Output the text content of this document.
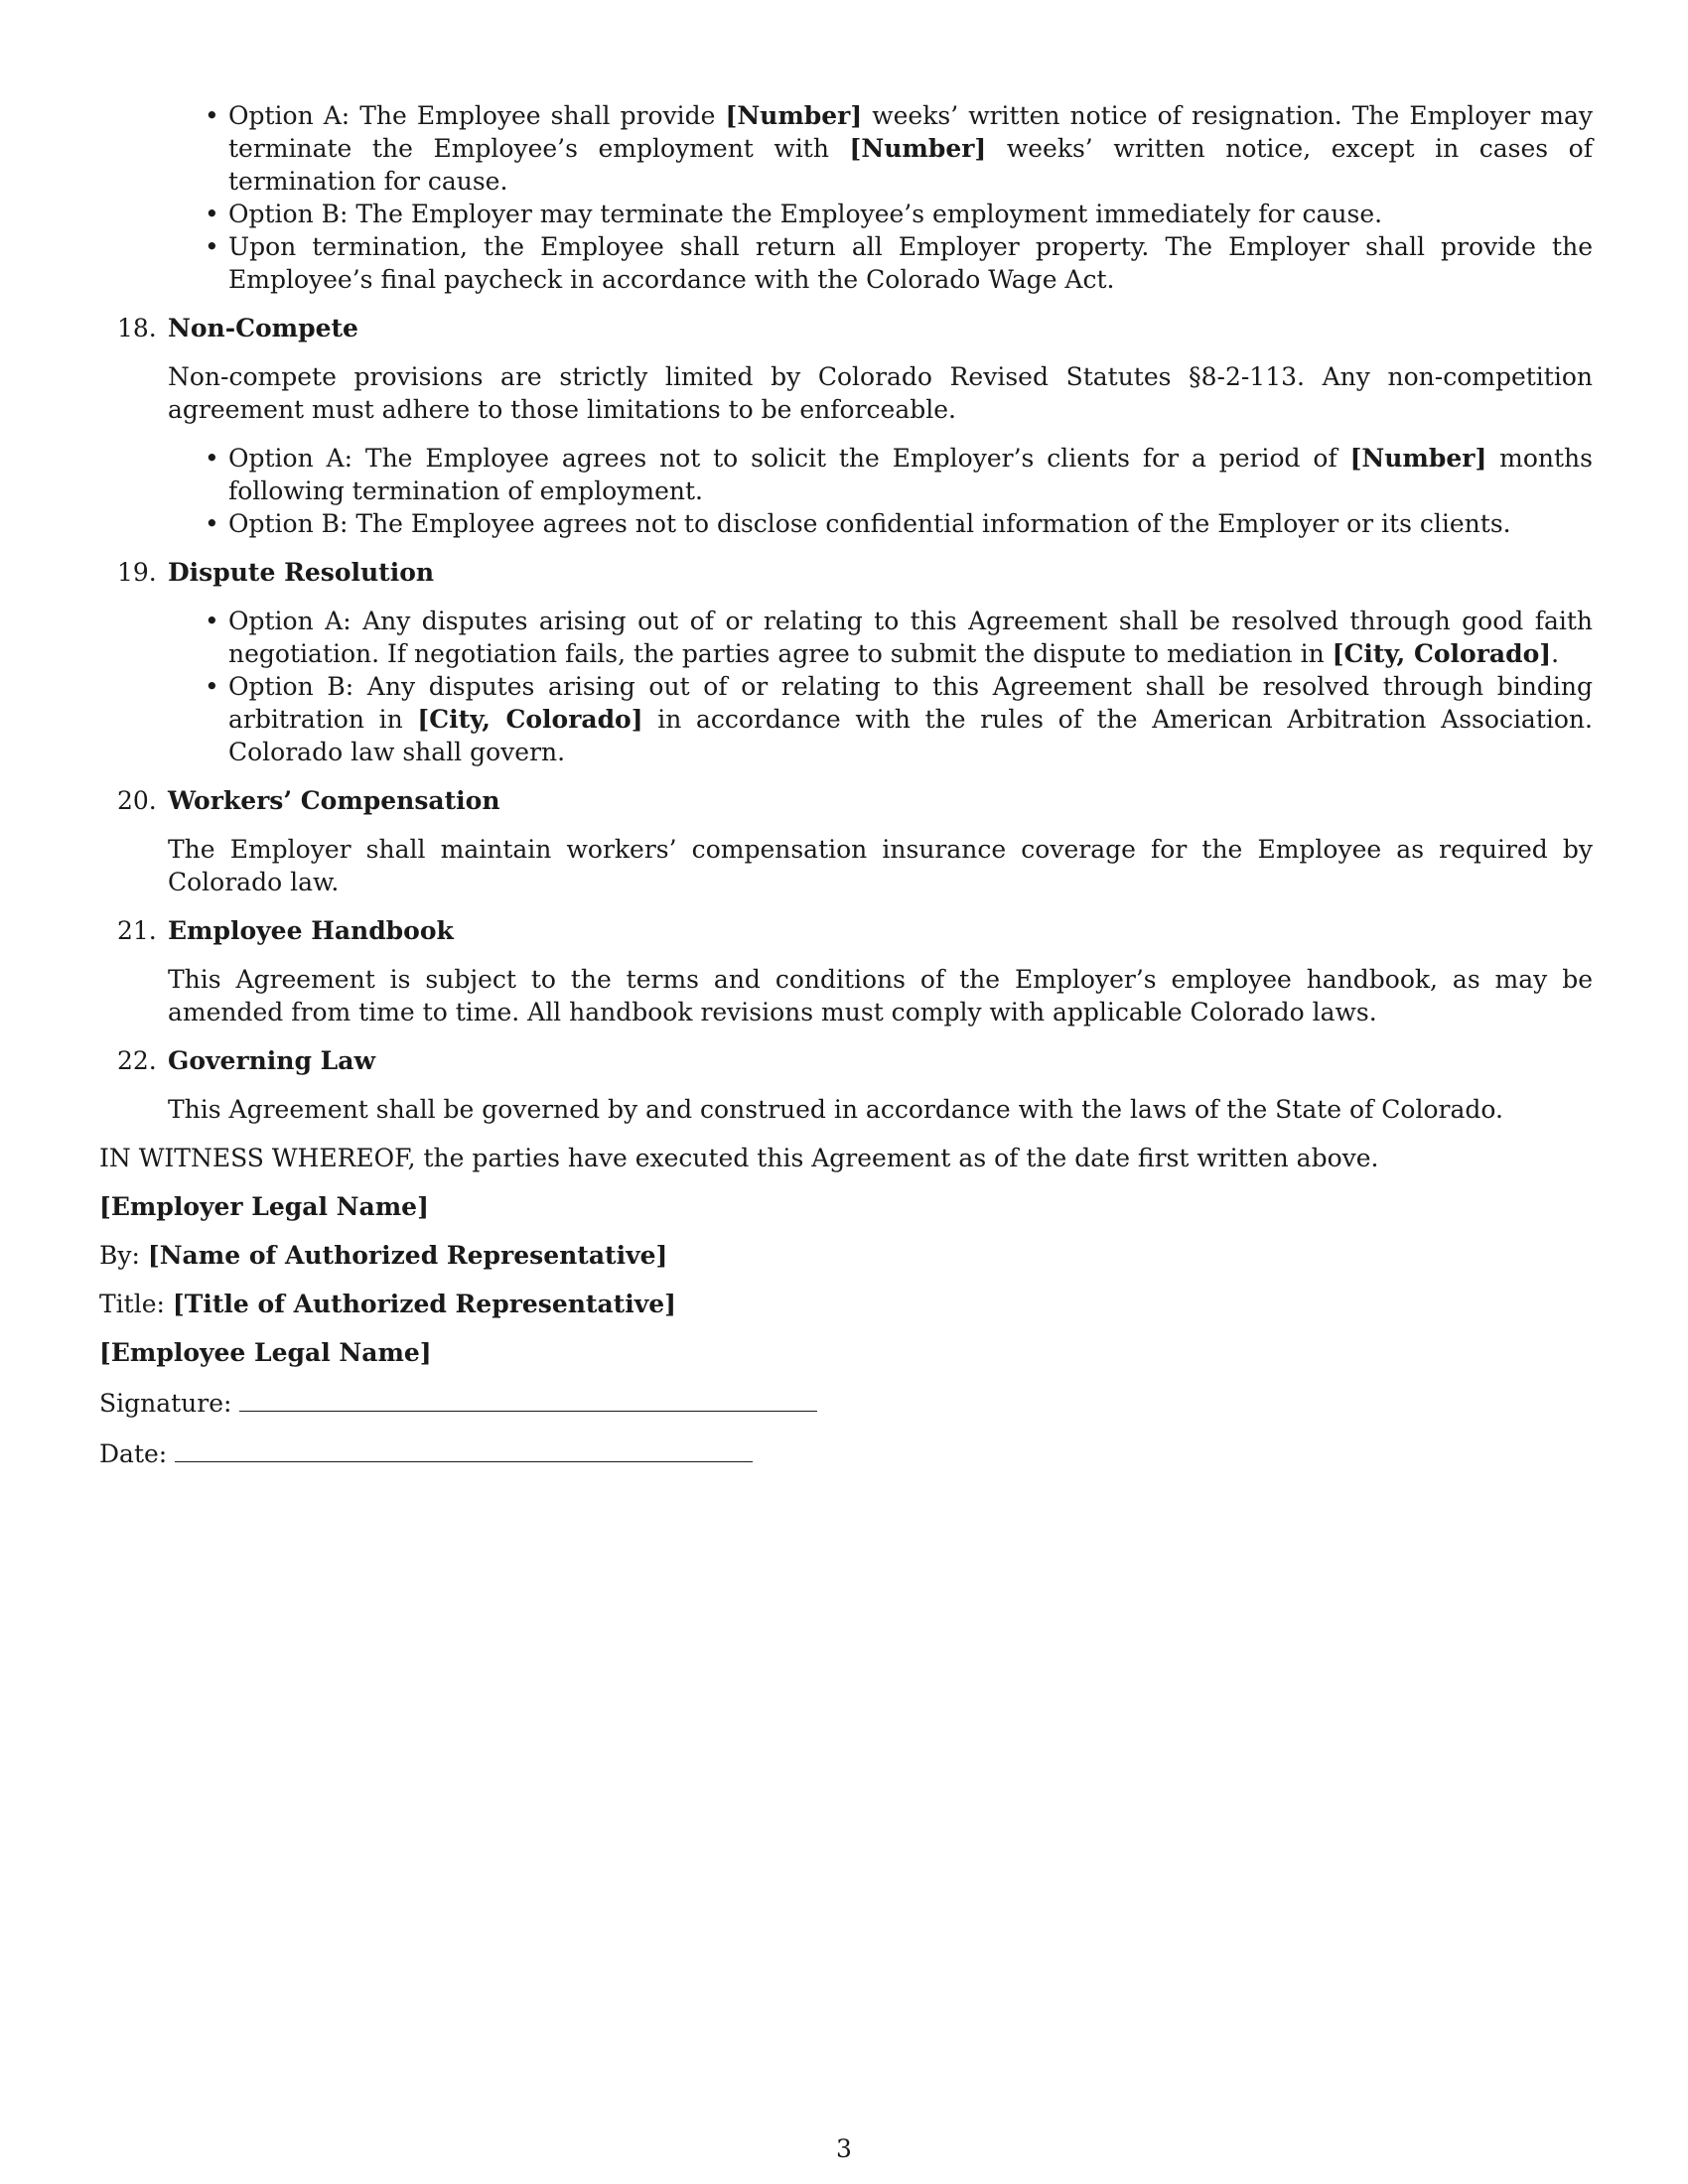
• Option A: The Employee shall provide [Number] weeks’ written notice of resignation. The Employer may terminate the Employee’s employment with [Number] weeks’ written notice, except in cases of termination for cause.
• Option B: The Employer may terminate the Employee’s employment immediately for cause.
• Upon termination, the Employee shall return all Employer property. The Employer shall provide the Employee’s final paycheck in accordance with the Colorado Wage Act.
18. Non-Compete
Non-compete provisions are strictly limited by Colorado Revised Statutes §8-2-113. Any non-competition agreement must adhere to those limitations to be enforceable.
• Option A: The Employee agrees not to solicit the Employer’s clients for a period of [Number] months following termination of employment.
• Option B: The Employee agrees not to disclose confidential information of the Employer or its clients.
19. Dispute Resolution
• Option A: Any disputes arising out of or relating to this Agreement shall be resolved through good faith negotiation. If negotiation fails, the parties agree to submit the dispute to mediation in [City, Colorado].
• Option B: Any disputes arising out of or relating to this Agreement shall be resolved through binding arbitration in [City, Colorado] in accordance with the rules of the American Arbitration Association. Colorado law shall govern.
20. Workers’ Compensation
The Employer shall maintain workers’ compensation insurance coverage for the Employee as required by Colorado law.
21. Employee Handbook
This Agreement is subject to the terms and conditions of the Employer’s employee handbook, as may be amended from time to time. All handbook revisions must comply with applicable Colorado laws.
22. Governing Law
This Agreement shall be governed by and construed in accordance with the laws of the State of Colorado.
IN WITNESS WHEREOF, the parties have executed this Agreement as of the date first written above.
[Employer Legal Name]
By: [Name of Authorized Representative]
Title: [Title of Authorized Representative]
[Employee Legal Name]
Signature:
Date:
3
